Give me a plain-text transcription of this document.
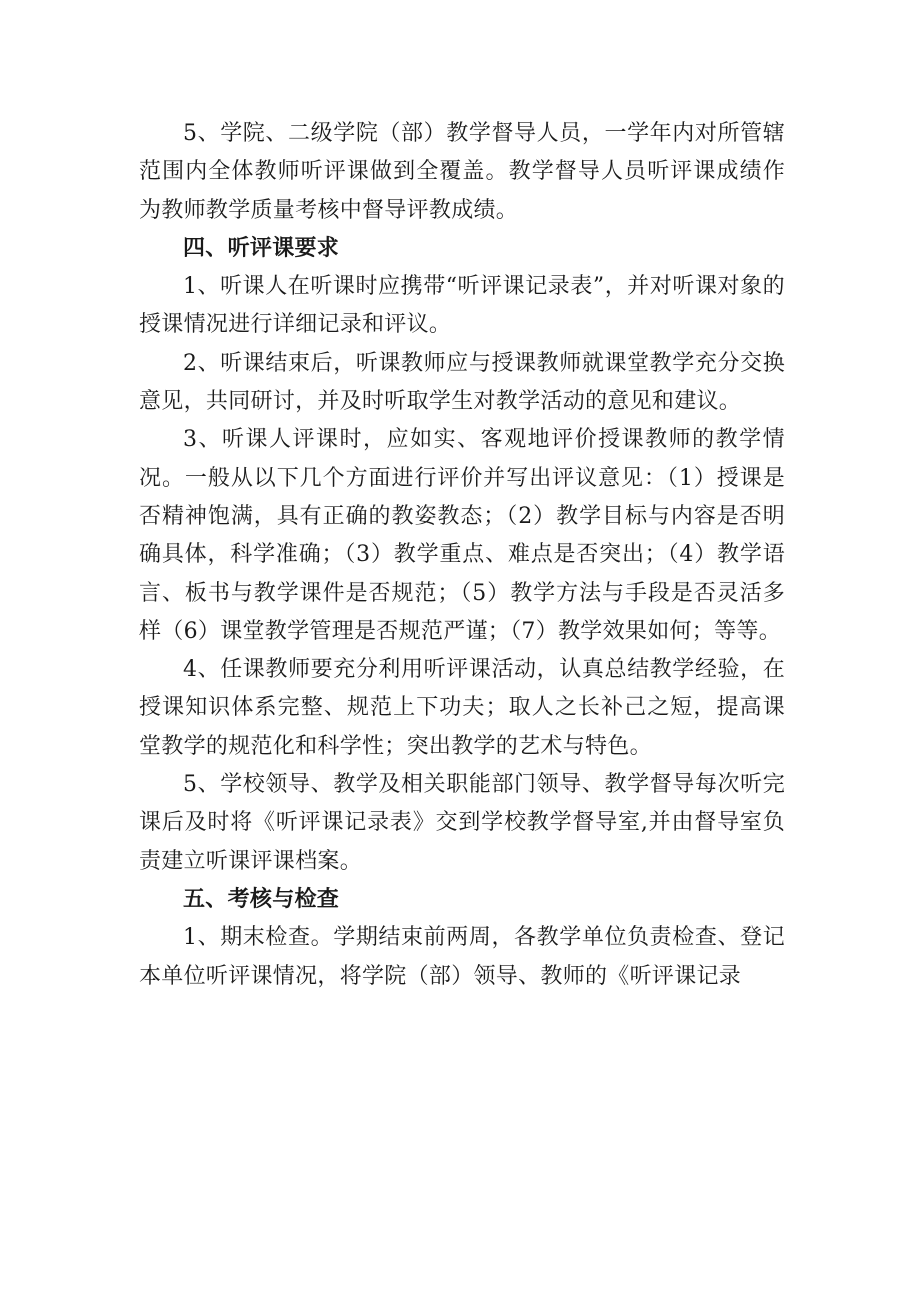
5、学院、二级学院（部）教学督导人员，一学年内对所管辖范围内全体教师听评课做到全覆盖。教学督导人员听评课成绩作为教师教学质量考核中督导评教成绩。

四、听评课要求

1、听课人在听课时应携带“听评课记录表”，并对听课对象的授课情况进行详细记录和评议。

2、听课结束后，听课教师应与授课教师就课堂教学充分交换意见，共同研讨，并及时听取学生对教学活动的意见和建议。

3、听课人评课时，应如实、客观地评价授课教师的教学情况。一般从以下几个方面进行评价并写出评议意见：（1）授课是否精神饱满，具有正确的教姿教态；（2）教学目标与内容是否明确具体，科学准确；（3）教学重点、难点是否突出；（4）教学语言、板书与教学课件是否规范；（5）教学方法与手段是否灵活多样（6）课堂教学管理是否规范严谨；（7）教学效果如何；等等。

4、任课教师要充分利用听评课活动，认真总结教学经验，在授课知识体系完整、规范上下功夫；取人之长补己之短，提高课堂教学的规范化和科学性；突出教学的艺术与特色。

5、学校领导、教学及相关职能部门领导、教学督导每次听完课后及时将《听评课记录表》交到学校教学督导室,并由督导室负责建立听课评课档案。

五、考核与检查

1、期末检查。学期结束前两周，各教学单位负责检查、登记本单位听评课情况，将学院（部）领导、教师的《听评课记录
